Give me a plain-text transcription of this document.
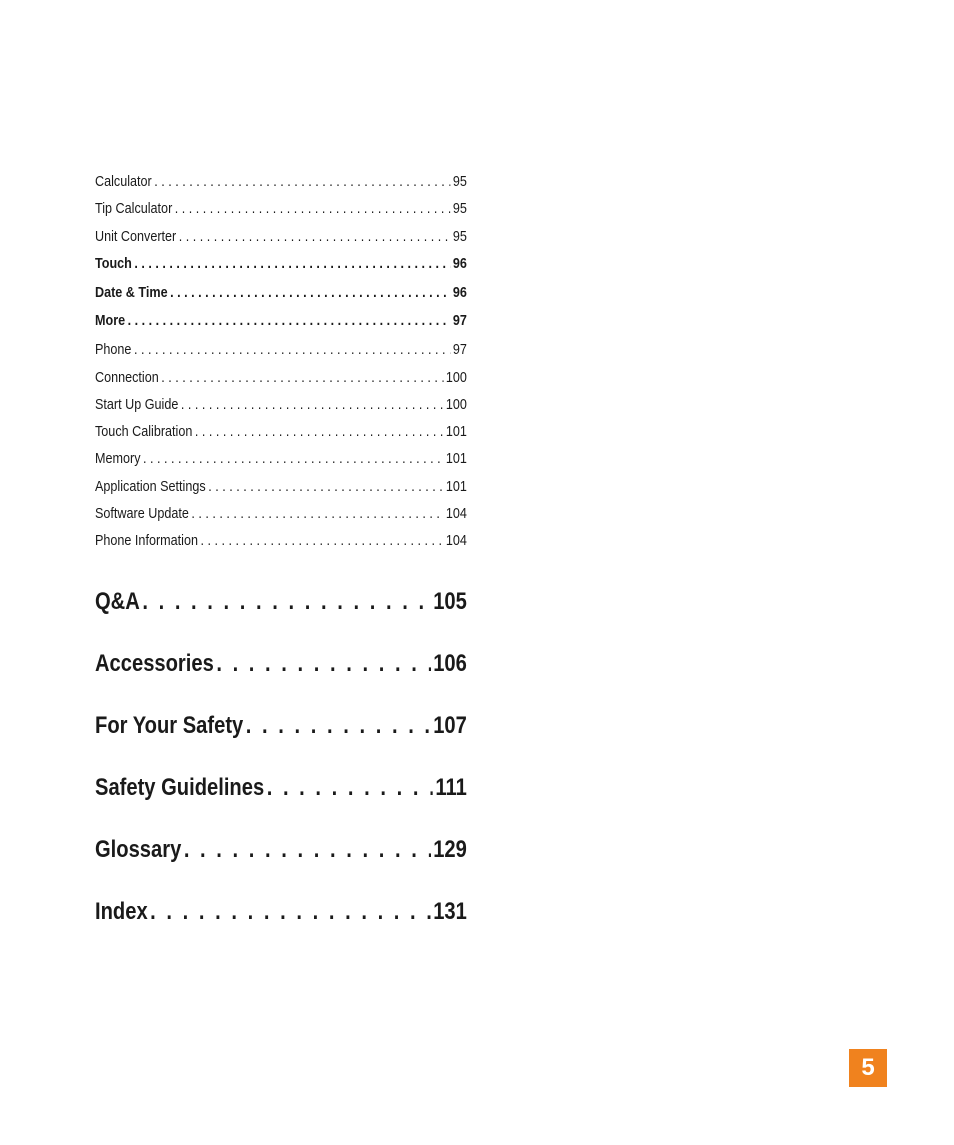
Calculator . . .	95
Tip Calculator . . .	95
Unit Converter . . .	95
Touch . . .	96
Date & Time . . .	96
More . . .	97
Phone . . .	97
Connection . . .	100
Start Up Guide . . .	100
Touch Calibration . . .	101
Memory . . .	101
Application Settings . . .	101
Software Update . . .	104
Phone Information . . .	104
Q&A . . .	105
Accessories . . .	106
For Your Safety . . .	107
Safety Guidelines . . .	111
Glossary . . .	129
Index . . .	131
5
